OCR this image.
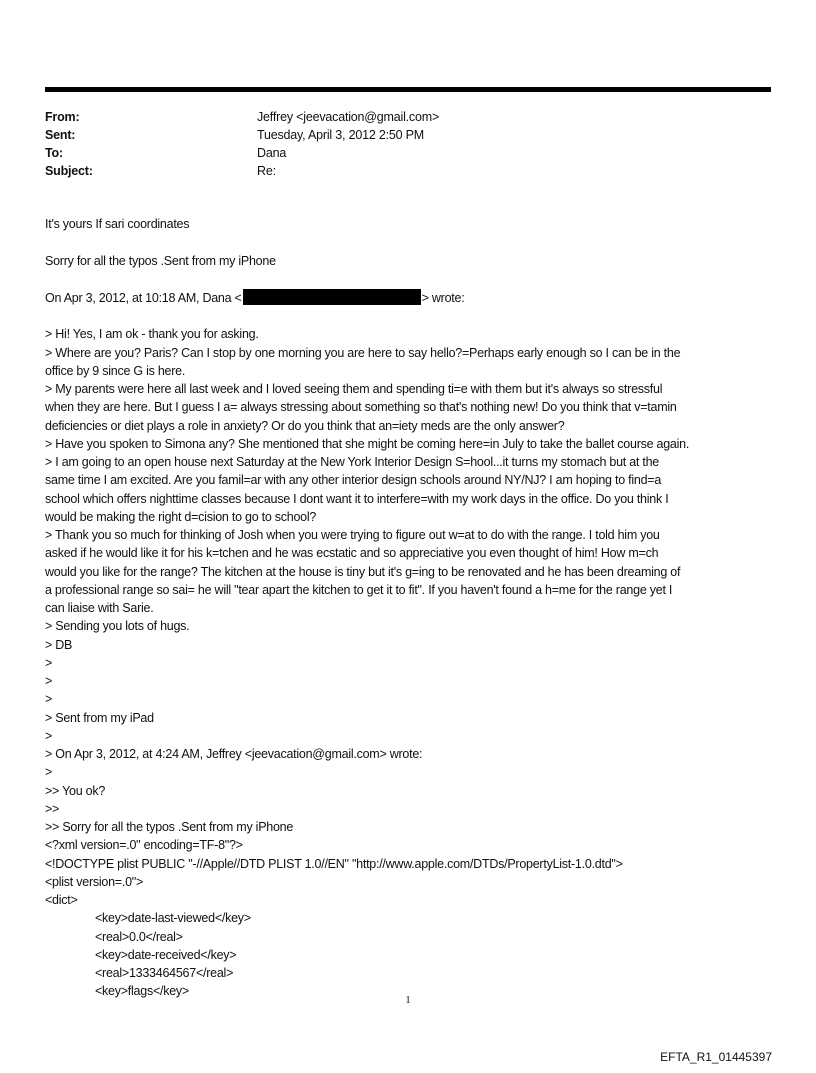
From:	Jeffrey <jeevacation@gmail.com>
Sent:	Tuesday, April 3, 2012 2:50 PM
To:	Dana
Subject:	Re:
It's yours If sari coordinates
Sorry for all the typos .Sent from my iPhone
On Apr 3, 2012, at 10:18 AM, Dana <	> wrote:
> Hi! Yes, I am ok - thank you for asking.
> Where are you? Paris? Can I stop by one morning you are here to say hello?=Perhaps early enough so I can be in the
office by 9 since G is here.
> My parents were here all last week and I loved seeing them and spending ti=e with them but it's always so stressful
when they are here. But I guess I a= always stressing about something so that's nothing new! Do you think that v=tamin
deficiencies or diet plays a role in anxiety? Or do you think that an=iety meds are the only answer?
> Have you spoken to Simona any? She mentioned that she might be coming here=in July to take the ballet course again.
> I am going to an open house next Saturday at the New York Interior Design S=hool...it turns my stomach but at the
same time I am excited. Are you famil=ar with any other interior design schools around NY/NJ? I am hoping to find=a
school which offers nighttime classes because I dont want it to interfere=with my work days in the office. Do you think I
would be making the right d=cision to go to school?
> Thank you so much for thinking of Josh when you were trying to figure out w=at to do with the range. I told him you
asked if he would like it for his k=tchen and he was ecstatic and so appreciative you even thought of him! How m=ch
would you like for the range? The kitchen at the house is tiny but it's g=ing to be renovated and he has been dreaming of
a professional range so sai= he will "tear apart the kitchen to get it to fit". If you haven't found a h=me for the range yet I
can liaise with Sarie.
> Sending you lots of hugs.
> DB
>
>
>
> Sent from my iPad
>
> On Apr 3, 2012, at 4:24 AM, Jeffrey <jeevacation@gmail.com> wrote:
>
>> You ok?
>>
>> Sorry for all the typos .Sent from my iPhone
<?xml version=.0" encoding=TF-8"?>
<!DOCTYPE plist PUBLIC "-//Apple//DTD PLIST 1.0//EN" "http://www.apple.com/DTDs/PropertyList-1.0.dtd">
<plist version=.0">
<dict>
<key>date-last-viewed</key>
<real>0.0</real>
<key>date-received</key>
<real>1333464567</real>
<key>flags</key>
1
EFTA_R1_01445397
